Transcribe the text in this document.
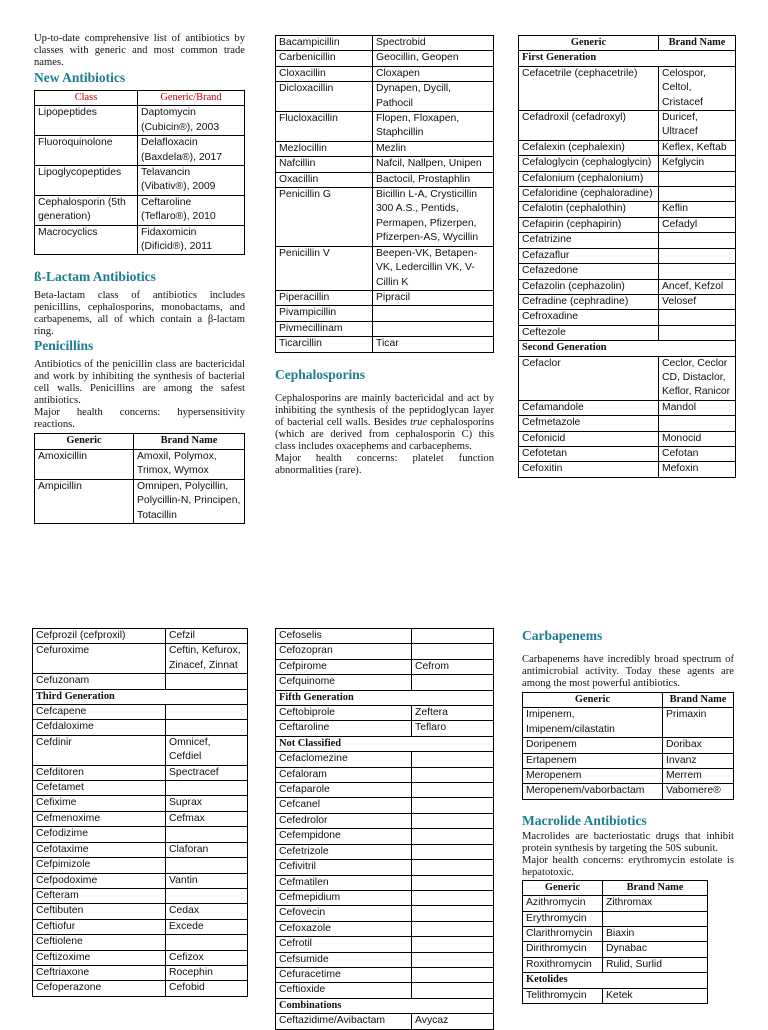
Up-to-date comprehensive list of antibiotics by classes with generic and most common trade names.

New Antibiotics
Class	Generic/Brand
Lipopeptides	Daptomycin (Cubicin®), 2003
Fluoroquinolone	Delafloxacin (Baxdela®), 2017
Lipoglycopeptides	Telavancin (Vibativ®), 2009
Cephalosporin (5th generation)	Ceftaroline (Teflaro®), 2010
Macrocyclics	Fidaxomicin (Dificid®), 2011
ß-Lactam Antibiotics

Beta-lactam class of antibiotics includes penicillins, cephalosporins, monobactams, and carbapenems, all of which contain a β-lactam ring.

Penicillins

Antibiotics of the penicillin class are bactericidal and work by inhibiting the synthesis of bacterial cell walls. Penicillins are among the safest antibiotics.

Major health concerns: hypersensitivity reactions.

Generic	Brand Name
Amoxicillin	Amoxil, Polymox, Trimox, Wymox
Ampicillin	Omnipen, Polycillin, Polycillin-N, Principen, Totacillin
Bacampicillin	Spectrobid
Carbenicillin	Geocillin, Geopen
Cloxacillin	Cloxapen
Dicloxacillin	Dynapen, Dycill, Pathocil
Flucloxacillin	Flopen, Floxapen, Staphcillin
Mezlocillin	Mezlin
Nafcillin	Nafcil, Nallpen, Unipen
Oxacillin	Bactocil, Prostaphlin
Penicillin G	Bicillin L-A, Crysticillin 300 A.S., Pentids, Permapen, Pfizerpen, Pfizerpen-AS, Wycillin
Penicillin V	Beepen-VK, Betapen-VK, Ledercillin VK, V-Cillin K
Piperacillin	Pipracil
Pivampicillin	
Pivmecillinam	
Ticarcillin	Ticar
Cephalosporins

Cephalosporins are mainly bactericidal and act by inhibiting the synthesis of the peptidoglycan layer of bacterial cell walls. Besides true cephalosporins (which are derived from cephalosporin C) this class includes oxacephems and carbacephems.

Major health concerns: platelet function abnormalities (rare).

Generic	Brand Name
First Generation	
Cefacetrile (cephacetrile)	Celospor, Celtol, Cristacef
Cefadroxil (cefadroxyl)	Duricef, Ultracef
Cefalexin (cephalexin)	Keflex, Keftab
Cefaloglycin (cephaloglycin)	Kefglycin
Cefalonium (cephalonium)	
Cefaloridine (cephaloradine)	
Cefalotin (cephalothin)	Keflin
Cefapirin (cephapirin)	Cefadyl
Cefatrizine	
Cefazaflur	
Cefazedone	
Cefazolin (cephazolin)	Ancef, Kefzol
Cefradine (cephradine)	Velosef
Cefroxadine	
Ceftezole	
Second Generation	
Cefaclor	Ceclor, Ceclor CD, Distaclor, Keflor, Ranicor
Cefamandole	Mandol
Cefmetazole	
Cefonicid	Monocid
Cefotetan	Cefotan
Cefoxitin	Mefoxin
Cefprozil (cefproxil)	Cefzil
Cefuroxime	Ceftin, Kefurox, Zinacef, Zinnat
Cefuzonam	
Third Generation	
Cefcapene	
Cefdaloxime	
Cefdinir	Omnicef, Cefdiel
Cefditoren	Spectracef
Cefetamet	
Cefixime	Suprax
Cefmenoxime	Cefmax
Cefodizime	
Cefotaxime	Claforan
Cefpimizole	
Cefpodoxime	Vantin
Cefteram	
Ceftibuten	Cedax
Ceftiofur	Excede
Ceftiolene	
Ceftizoxime	Cefizox
Ceftriaxone	Rocephin
Cefoperazone	Cefobid
Cefoselis	
Cefozopran	
Cefpirome	Cefrom
Cefquinome	
Fifth Generation	
Ceftobiprole	Zeftera
Ceftaroline	Teflaro
Not Classified	
Cefaclomezine	
Cefaloram	
Cefaparole	
Cefcanel	
Cefedrolor	
Cefempidone	
Cefetrizole	
Cefivitril	
Cefmatilen	
Cefmepidium	
Cefovecin	
Cefoxazole	
Cefrotil	
Cefsumide	
Cefuracetime	
Ceftioxide	
Combinations	
Ceftazidime/Avibactam	Avycaz
Carbapenems

Carbapenems have incredibly broad spectrum of antimicrobial activity. Today these agents are among the most powerful antibiotics.

Generic	Brand Name
Imipenem, Imipenem/cilastatin	Primaxin
Doripenem	Doribax
Ertapenem	Invanz
Meropenem	Merrem
Meropenem/vaborbactam	Vabomere®
Macrolide Antibiotics

Macrolides are bacteriostatic drugs that inhibit protein synthesis by targeting the 50S subunit.

Major health concerns: erythromycin estolate is hepatotoxic.

Generic	Brand Name
Azithromycin	Zithromax
Erythromycin	
Clarithromycin	Biaxin
Dirithromycin	Dynabac
Roxithromycin	Rulid, Surlid
Ketolides	
Telithromycin	Ketek
